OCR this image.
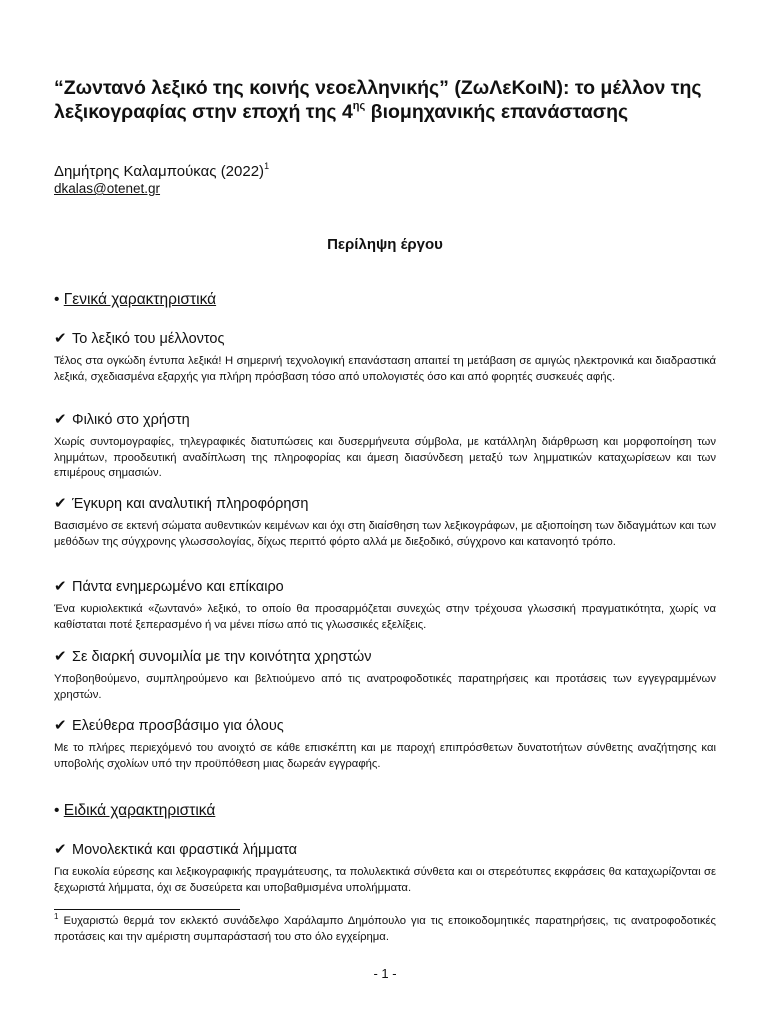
“Ζωντανό λεξικό της κοινής νεοελληνικής” (ΖωΛεΚοιΝ): το μέλλον της λεξικογραφίας στην εποχή της $4^{\eta\varsigma}$ βιομηχανικής επανάστασης
Δημήτρης Καλαμπούκας $(2022)^1$
dkalas@otenet.gr
Περίληψη έργου
• Γενικά χαρακτηριστικά
✔ Το λεξικό του μέλλοντος
Τέλος στα ογκώδη έντυπα λεξικά! Η σημερινή τεχνολογική επανάσταση απαιτεί τη μετάβαση σε αμιγώς ηλεκτρονικά και διαδραστικά λεξικά, σχεδιασμένα εξαρχής για πλήρη πρόσβαση τόσο από υπολογιστές όσο και από φορητές συσκευές αφής.
✔ Φιλικό στο χρήστη
Χωρίς συντομογραφίες, τηλεγραφικές διατυπώσεις και δυσερμήνευτα σύμβολα, με κατάλληλη διάρθρωση και μορφοποίηση των λημμάτων, προοδευτική αναδίπλωση της πληροφορίας και άμεση διασύνδεση μεταξύ των λημματικών καταχωρίσεων και των επιμέρους σημασιών.
✔ Έγκυρη και αναλυτική πληροφόρηση
Βασισμένο σε εκτενή σώματα αυθεντικών κειμένων και όχι στη διαίσθηση των λεξικογράφων, με αξιοποίηση των διδαγμάτων και των μεθόδων της σύγχρονης γλωσσολογίας, δίχως περιττό φόρτο αλλά με διεξοδικό, σύγχρονο και κατανοητό τρόπο.
✔ Πάντα ενημερωμένο και επίκαιρο
Ένα κυριολεκτικά «ζωντανό» λεξικό, το οποίο θα προσαρμόζεται συνεχώς στην τρέχουσα γλωσσική πραγματικότητα, χωρίς να καθίσταται ποτέ ξεπερασμένο ή να μένει πίσω από τις γλωσσικές εξελίξεις.
✔ Σε διαρκή συνομιλία με την κοινότητα χρηστών
Υποβοηθούμενο, συμπληρούμενο και βελτιούμενο από τις ανατροφοδοτικές παρατηρήσεις και προτάσεις των εγγεγραμμένων χρηστών.
✔ Ελεύθερα προσβάσιμο για όλους
Με το πλήρες περιεχόμενό του ανοιχτό σε κάθε επισκέπτη και με παροχή επιπρόσθετων δυνατοτήτων σύνθετης αναζήτησης και υποβολής σχολίων υπό την προϋπόθεση μιας δωρεάν εγγραφής.
• Ειδικά χαρακτηριστικά
✔ Μονολεκτικά και φραστικά λήμματα
Για ευκολία εύρεσης και λεξικογραφικής πραγμάτευσης, τα πολυλεκτικά σύνθετα και οι στερεότυπες εκφράσεις θα καταχωρίζονται σε ξεχωριστά λήμματα, όχι σε δυσεύρετα και υποβαθμισμένα υπολήμματα.
$^1$ Ευχαριστώ θερμά τον εκλεκτό συνάδελφο Χαράλαμπο Δημόπουλο για τις εποικοδομητικές παρατηρήσεις, τις ανατροφοδοτικές προτάσεις και την αμέριστη συμπαράστασή του στο όλο εγχείρημα.
- 1 -
